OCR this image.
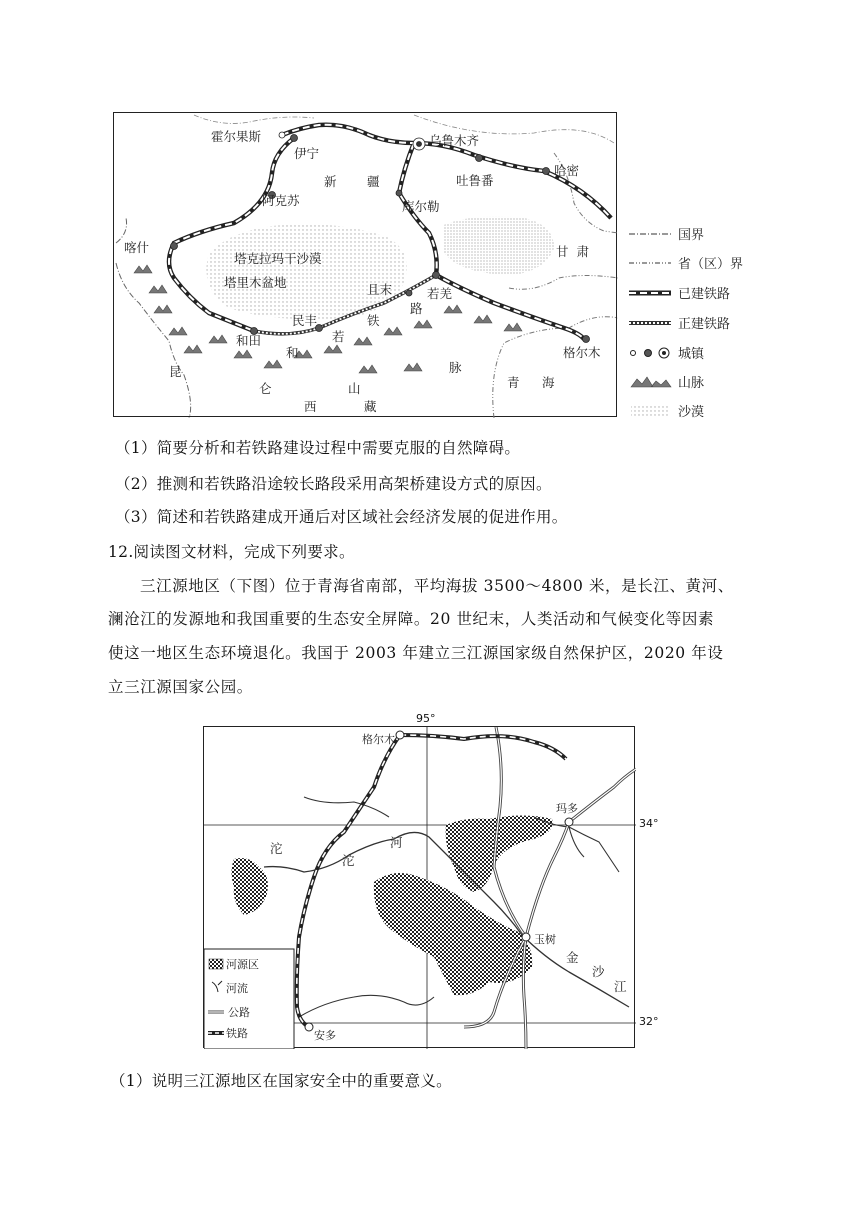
霍尔果斯
伊宁
乌鲁木齐
吐鲁番
哈密
阿克苏	库尔勒
喀什
和田
民丰
且末	若羌
格尔木
新 疆
甘  肃
青 海
西	藏
昆
仑	山
脉
塔克拉玛干沙漠
塔里木盆地
和
若
铁
路
国界
省（区）界
已建铁路
正建铁路
城镇
山脉
沙漠
（1）简要分析和若铁路建设过程中需要克服的自然障碍。
（2）推测和若铁路沿途较长路段采用高架桥建设方式的原因。
（3）简述和若铁路建成开通后对区域社会经济发展的促进作用。
12.阅读图文材料，完成下列要求。
三江源地区（下图）位于青海省南部，平均海拔 3500～4800 米，是长江、黄河、
澜沧江的发源地和我国重要的生态安全屏障。20 世纪末，人类活动和气候变化等因素
使这一地区生态环境退化。我国于 2003 年建立三江源国家级自然保护区，2020 年设
立三江源国家公园。
95°
格尔木
玛多
玉树
安多
沱
沱
河
金
沙
江
河源区
河流
公路
铁路
34°
32°
（1）说明三江源地区在国家安全中的重要意义。
